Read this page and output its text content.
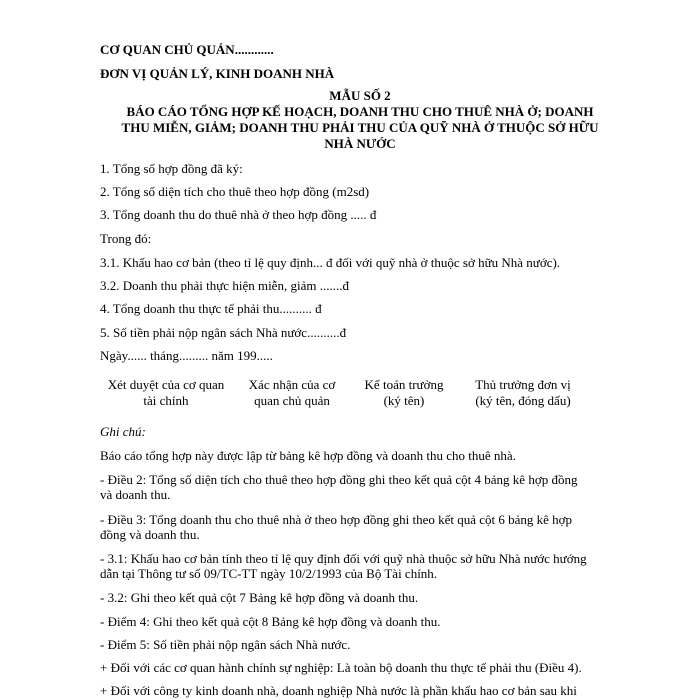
CƠ QUAN CHỦ QUẢN............
ĐƠN VỊ QUẢN LÝ, KINH DOANH NHÀ
MẪU SỐ 2
BÁO CÁO TỔNG HỢP KẾ HOẠCH, DOANH THU CHO THUÊ NHÀ Ở; DOANH
THU MIỄN, GIẢM; DOANH THU PHẢI THU CỦA QUỸ NHÀ Ở THUỘC SỞ HỮU
NHÀ NƯỚC
1. Tổng số hợp đồng đã ký:
2. Tổng số diện tích cho thuê theo hợp đồng (m2sd)
3. Tổng doanh thu do thuê nhà ở theo hợp đồng ..... đ
Trong đó:
3.1. Khấu hao cơ bản (theo tỉ lệ quy định... đ đối với quỹ nhà ở thuộc sở hữu Nhà nước).
3.2. Doanh thu phải thực hiện miễn, giảm .......đ
4. Tổng doanh thu thực tế phải thu.......... đ
5. Số tiền phải nộp ngân sách Nhà nước..........đ
Ngày...... tháng......... năm 199.....
Xét duyệt của cơ quan
tài chính
Xác nhận của cơ
quan chủ quản
Kế toán trưởng
(ký tên)
Thủ trưởng đơn vị
(ký tên, đóng dấu)
Ghi chú:
Báo cáo tổng hợp này được lập từ bảng kê hợp đồng và doanh thu cho thuê nhà.
- Điều 2: Tổng số diện tích cho thuê theo hợp đồng ghi theo kết quả cột 4 bảng kê hợp đồng
và doanh thu.
- Điều 3: Tổng doanh thu cho thuê nhà ở theo hợp đồng ghi theo kết quả cột 6 bảng kê hợp
đồng và doanh thu.
- 3.1: Khấu hao cơ bản tính theo tỉ lệ quy định đối với quỹ nhà thuộc sở hữu Nhà nước hướng
dẫn tại Thông tư số 09/TC-TT ngày 10/2/1993 của Bộ Tài chính.
- 3.2: Ghi theo kết quả cột 7 Bảng kê hợp đồng và doanh thu.
- Điểm 4: Ghi theo kết quả cột 8 Bảng kê hợp đồng và doanh thu.
- Điểm 5: Số tiền phải nộp ngân sách Nhà nước.
+ Đối với các cơ quan hành chính sự nghiệp: Là toàn bộ doanh thu thực tế phải thu (Điều 4).
+ Đối với công ty kinh doanh nhà, doanh nghiệp Nhà nước là phần khấu hao cơ bản sau khi
